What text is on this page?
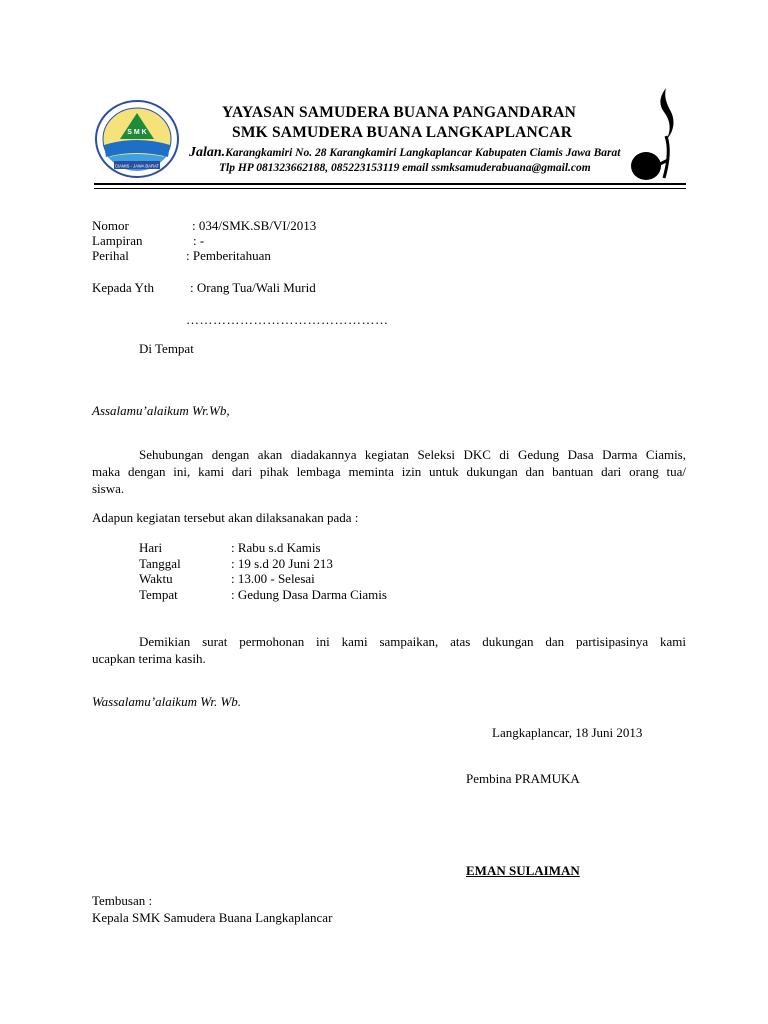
S M K
CIAMIS - JAWA BARAT
YAYASAN SAMUDERA BUANA PANGANDARAN
SMK SAMUDERA BUANA LANGKAPLANCAR
Jalan.Karangkamiri No. 28 Karangkamiri Langkaplancar Kabupaten Ciamis Jawa Barat
Tlp HP 081323662188, 085223153119 email ssmksamuderabuana@gmail.com
Nomor	: 034/SMK.SB/VI/2013
Lampiran	: -
Perihal	: Pemberitahuan
Kepada Yth	: Orang Tua/Wali Murid
………………………………………
Di Tempat
Assalamu’alaikum Wr.Wb,
Sehubungan dengan akan diadakannya kegiatan Seleksi DKC di Gedung Dasa Darma Ciamis,
maka dengan ini, kami dari pihak lembaga meminta izin untuk dukungan dan bantuan dari orang tua/
siswa.
Adapun kegiatan tersebut akan dilaksanakan pada :
Hari	: Rabu s.d Kamis
Tanggal	: 19 s.d 20 Juni 213
Waktu	: 13.00 - Selesai
Tempat	: Gedung Dasa Darma Ciamis
Demikian surat permohonan ini kami sampaikan, atas dukungan dan partisipasinya kami
ucapkan terima kasih.
Wassalamu’alaikum Wr. Wb.
Langkaplancar, 18 Juni 2013
Pembina PRAMUKA
EMAN SULAIMAN
Tembusan :
Kepala SMK Samudera Buana Langkaplancar
